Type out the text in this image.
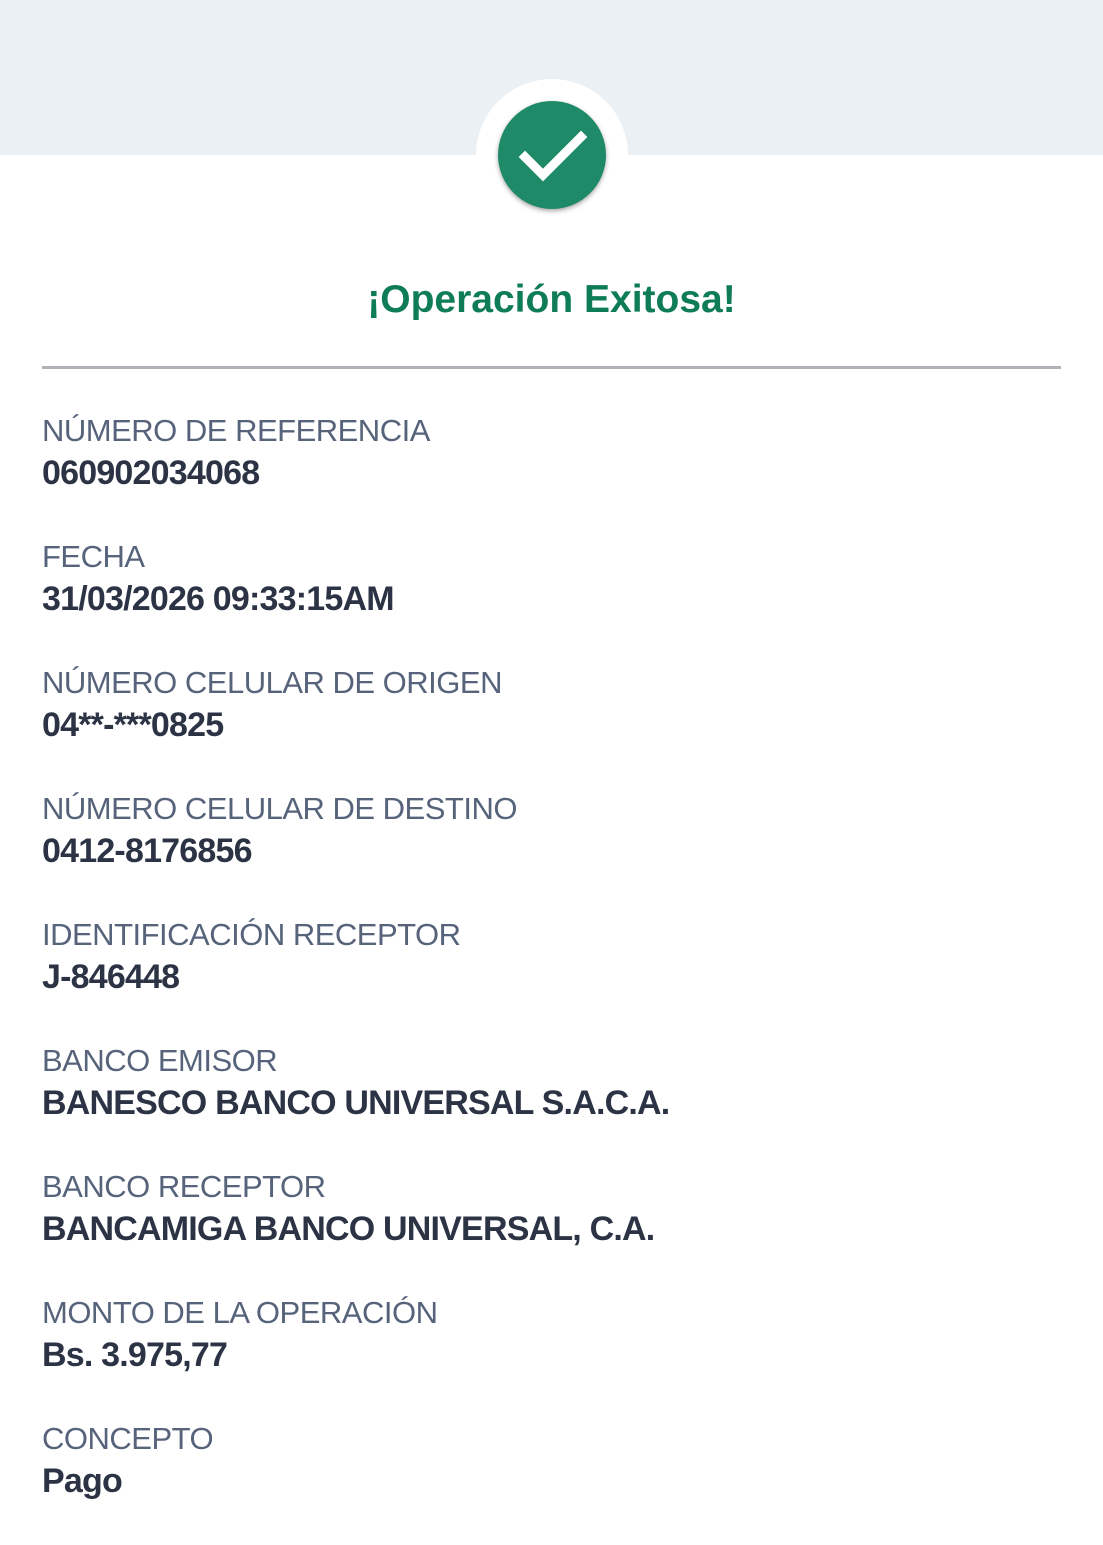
¡Operación Exitosa!
NÚMERO DE REFERENCIA
060902034068
FECHA
31/03/2026 09:33:15AM
NÚMERO CELULAR DE ORIGEN
04**-***0825
NÚMERO CELULAR DE DESTINO
0412-8176856
IDENTIFICACIÓN RECEPTOR
J-846448
BANCO EMISOR
BANESCO BANCO UNIVERSAL S.A.C.A.
BANCO RECEPTOR
BANCAMIGA BANCO UNIVERSAL, C.A.
MONTO DE LA OPERACIÓN
Bs. 3.975,77
CONCEPTO
Pago
